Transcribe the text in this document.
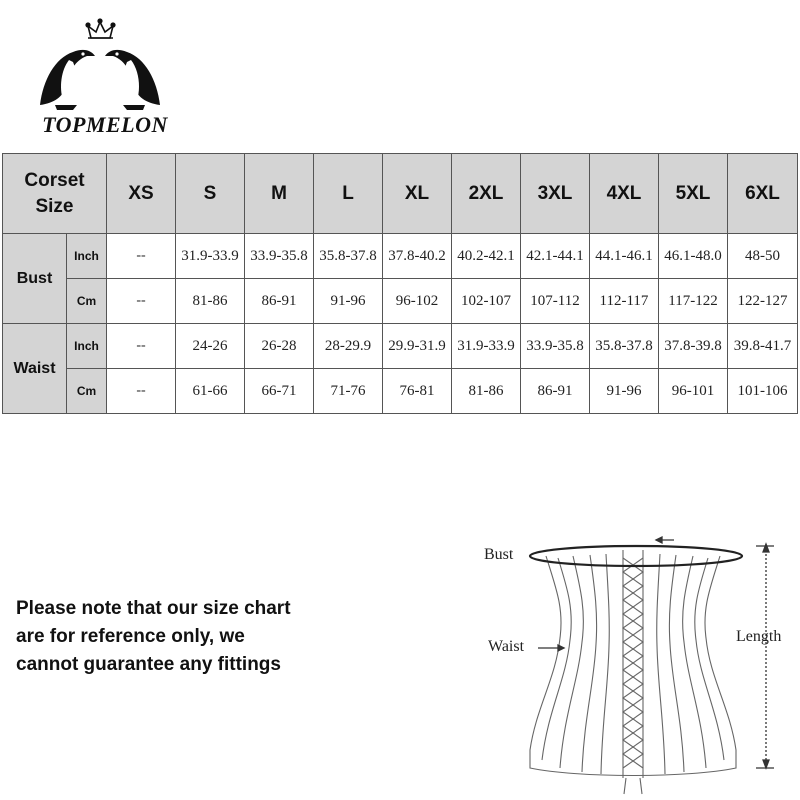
TOPMELON
Corset
Size		XS	S	M	L	XL	2XL	3XL	4XL	5XL	6XL
Bust	Inch	--	31.9-33.9	33.9-35.8	35.8-37.8	37.8-40.2	40.2-42.1	42.1-44.1	44.1-46.1	46.1-48.0	48-50
	Cm	--	81-86	86-91	91-96	96-102	102-107	107-112	112-117	117-122	122-127
Waist	Inch	--	24-26	26-28	28-29.9	29.9-31.9	31.9-33.9	33.9-35.8	35.8-37.8	37.8-39.8	39.8-41.7
	Cm	--	61-66	66-71	71-76	76-81	81-86	86-91	91-96	96-101	101-106
Please note that our size chart
are for reference only, we
cannot guarantee any fittings
Bust
Waist
Length
